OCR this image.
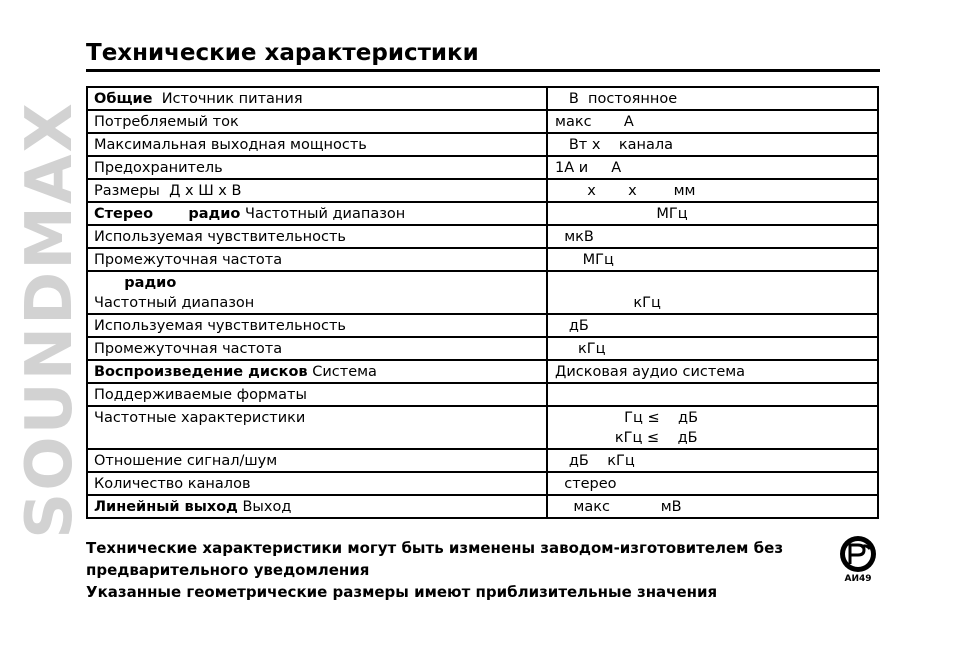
SOUNDMAX
Технические характеристики
Общие  Источник питания	В  постоянное
Потребляемый ток	макс       А
Максимальная выходная мощность	Вт х    канала
Предохранитель	1А и     А
Размеры  Д х Ш х В	х       х        мм
Стерео       радио Частотный диапазон	МГц
Используемая чувствительность	мкВ
Промежуточная частота	МГц

радио
Частотный диапазон	кГц
Используемая чувствительность	дБ
Промежуточная частота	кГц
Воспроизведение дисков Система	Дисковая аудио система
Поддерживаемые форматы	
Частотные характеристики	Гц ≤    дБ
кГц ≤    дБ

Отношение сигнал/шум	дБ    кГц
Количество каналов	стерео
Линейный выход Выход	макс           мВ
Технические характеристики могут быть изменены заводом-изготовителем без
предварительного уведомления
Указанные геометрические размеры имеют приблизительные значения
АИ49
